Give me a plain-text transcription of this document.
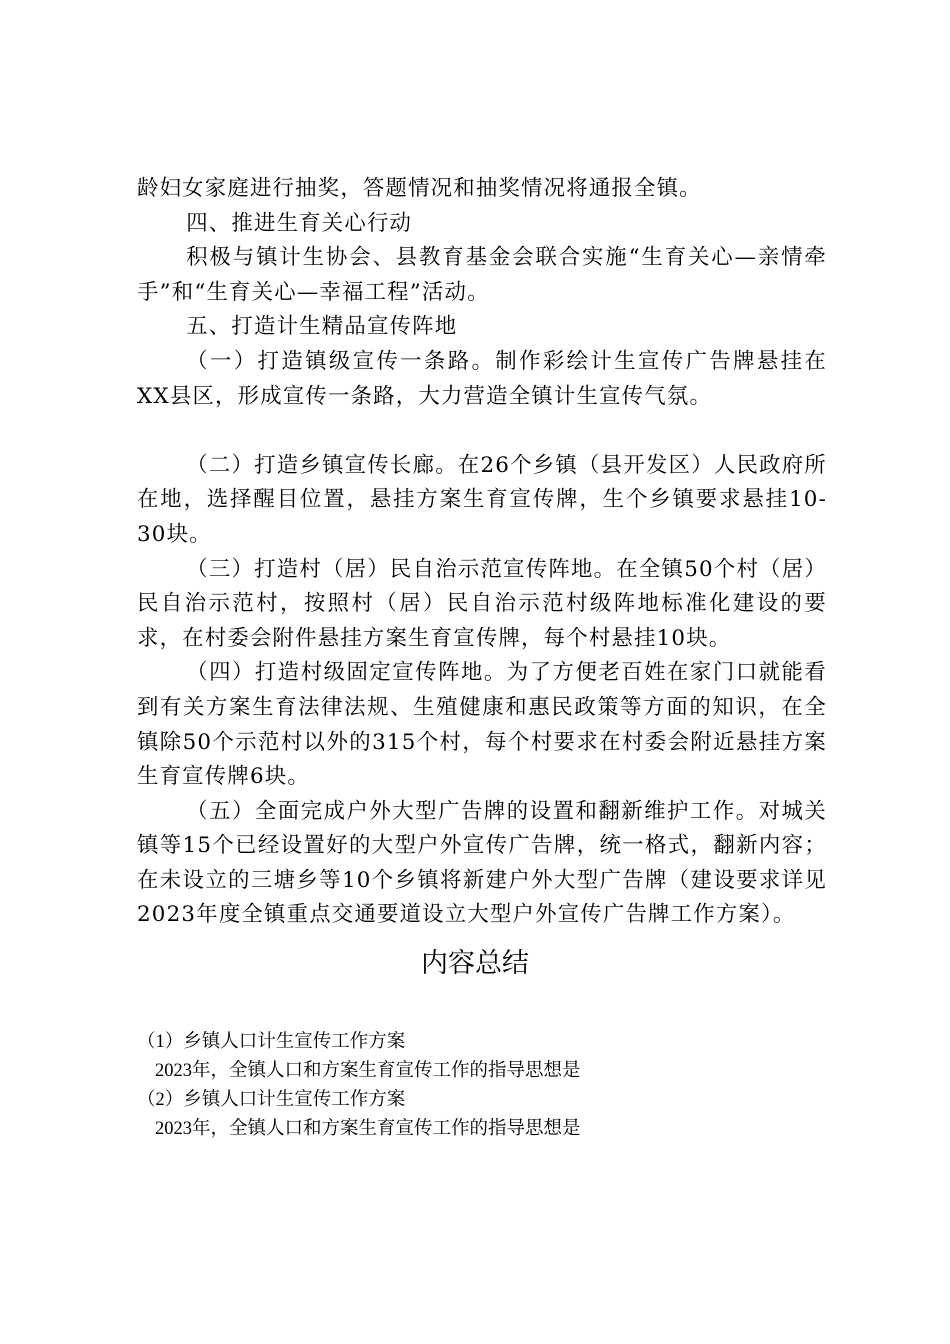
龄妇女家庭进行抽奖，答题情况和抽奖情况将通报全镇。

四、推进生育关心行动

积极与镇计生协会、县教育基金会联合实施“生育关心—亲情牵手”和“生育关心—幸福工程”活动。

五、打造计生精品宣传阵地

（一）打造镇级宣传一条路。制作彩绘计生宣传广告牌悬挂在XX县区，形成宣传一条路，大力营造全镇计生宣传气氛。

（二）打造乡镇宣传长廊。在26个乡镇（县开发区）人民政府所在地，选择醒目位置，悬挂方案生育宣传牌，生个乡镇要求悬挂10-30块。

（三）打造村（居）民自治示范宣传阵地。在全镇50个村（居）民自治示范村，按照村（居）民自治示范村级阵地标准化建设的要求，在村委会附件悬挂方案生育宣传牌，每个村悬挂10块。

（四）打造村级固定宣传阵地。为了方便老百姓在家门口就能看到有关方案生育法律法规、生殖健康和惠民政策等方面的知识，在全镇除50个示范村以外的315个村，每个村要求在村委会附近悬挂方案生育宣传牌6块。

（五）全面完成户外大型广告牌的设置和翻新维护工作。对城关镇等15个已经设置好的大型户外宣传广告牌，统一格式，翻新内容；在未设立的三塘乡等10个乡镇将新建户外大型广告牌（建设要求详见2023年度全镇重点交通要道设立大型户外宣传广告牌工作方案）。

内容总结

（1）乡镇人口计生宣传工作方案

2023年，全镇人口和方案生育宣传工作的指导思想是

（2）乡镇人口计生宣传工作方案

2023年，全镇人口和方案生育宣传工作的指导思想是
